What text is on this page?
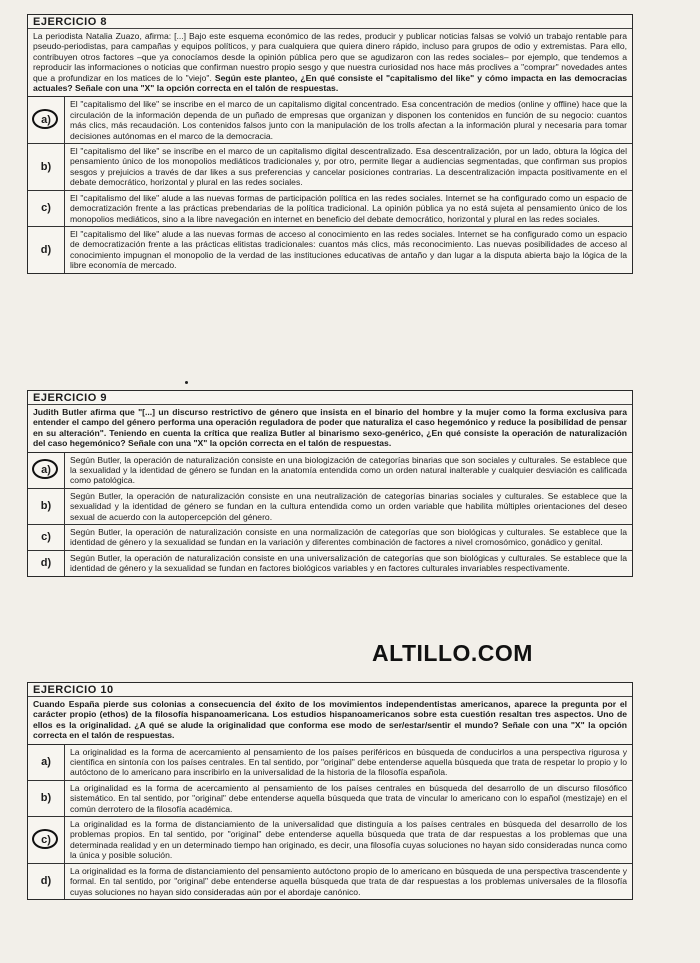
EJERCICIO 8
La periodista Natalia Zuazo, afirma: [...] Bajo este esquema económico de las redes, producir y publicar noticias falsas se volvió un trabajo rentable para pseudo-periodistas, para campañas y equipos políticos, y para cualquiera que quiera dinero rápido, incluso para grupos de odio y extremistas. Para ello, contribuyen otros factores –que ya conocíamos desde la opinión pública pero que se agudizaron con las redes sociales– por ejemplo, que tendemos a reproducir las informaciones o noticias que confirman nuestro propio sesgo y que nuestra curiosidad nos hace más proclives a "comprar" novedades antes que a profundizar en los matices de lo "viejo". Según este planteo, ¿En qué consiste el "capitalismo del like" y cómo impacta en las democracias actuales? Señale con una "X" la opción correcta en el talón de respuestas.
a)
El "capitalismo del like" se inscribe en el marco de un capitalismo digital concentrado. Esa concentración de medios (online y offline) hace que la circulación de la información dependa de un puñado de empresas que organizan y disponen los contenidos en función de su negocio: cuantos más clics, más recaudación. Los contenidos falsos junto con la manipulación de los trolls afectan a la información plural y necesaria para tomar decisiones autónomas en el marco de la democracia.
b)
El "capitalismo del like" se inscribe en el marco de un capitalismo digital descentralizado. Esa descentralización, por un lado, obtura la lógica del pensamiento único de los monopolios mediáticos tradicionales y, por otro, permite llegar a audiencias segmentadas, que confirman sus propios sesgos y prejuicios a través de dar likes a sus preferencias y cancelar posiciones contrarias. La descentralización impacta positivamente en el debate democrático, horizontal y plural en las redes sociales.
c)
El "capitalismo del like" alude a las nuevas formas de participación política en las redes sociales. Internet se ha configurado como un espacio de democratización frente a las prácticas prebendarias de la política tradicional. La opinión pública ya no está sujeta al pensamiento único de los monopolios mediáticos, sino a la libre navegación en internet en beneficio del debate democrático, horizontal y plural en las redes sociales.
d)
El "capitalismo del like" alude a las nuevas formas de acceso al conocimiento en las redes sociales. Internet se ha configurado como un espacio de democratización frente a las prácticas elitistas tradicionales: cuantos más clics, más reconocimiento. Las nuevas posibilidades de acceso al conocimiento impugnan el monopolio de la verdad de las instituciones educativas de antaño y dan lugar a la disputa abierta bajo la lógica de la libre economía de mercado.
EJERCICIO 9
Judith Butler afirma que "[...] un discurso restrictivo de género que insista en el binario del hombre y la mujer como la forma exclusiva para entender el campo del género performa una operación reguladora de poder que naturaliza el caso hegemónico y reduce la posibilidad de pensar en su alteración". Teniendo en cuenta la crítica que realiza Butler al binarismo sexo-genérico, ¿En qué consiste la operación de naturalización del caso hegemónico? Señale con una "X" la opción correcta en el talón de respuestas.
a)
Según Butler, la operación de naturalización consiste en una biologización de categorías binarias que son sociales y culturales. Se establece que la sexualidad y la identidad de género se fundan en la anatomía entendida como un orden natural inalterable y cualquier desviación es calificada como patológica.
b)
Según Butler, la operación de naturalización consiste en una neutralización de categorías binarias sociales y culturales. Se establece que la sexualidad y la identidad de género se fundan en la cultura entendida como un orden variable que habilita múltiples orientaciones del deseo sexual de acuerdo con la autopercepción del género.
c)	Según Butler, la operación de naturalización consiste en una normalización de categorías que son biológicas y culturales. Se establece que la identidad de género y la sexualidad se fundan en la variación y diferentes combinación de factores a nivel cromosómico, gonádico y genital.
d)	Según Butler, la operación de naturalización consiste en una universalización de categorías que son biológicas y culturales. Se establece que la identidad de género y la sexualidad se fundan en factores biológicos variables y en factores culturales invariables respectivamente.
ALTILLO.COM
EJERCICIO 10
Cuando España pierde sus colonias a consecuencia del éxito de los movimientos independentistas americanos, aparece la pregunta por el carácter propio (ethos) de la filosofía hispanoamericana. Los estudios hispanoamericanos sobre esta cuestión resaltan tres aspectos. Uno de ellos es la originalidad. ¿A qué se alude la originalidad que conforma ese modo de ser/estar/sentir el mundo? Señale con una "X" la opción correcta en el talón de respuestas.
a)
La originalidad es la forma de acercamiento al pensamiento de los países periféricos en búsqueda de conducirlos a una perspectiva rigurosa y científica en sintonía con los países centrales. En tal sentido, por "original" debe entenderse aquella búsqueda que trata de respetar lo propio y lo autóctono de lo americano para inscribirlo en la universalidad de la historia de la filosofía española.
b)
La originalidad es la forma de acercamiento al pensamiento de los países centrales en búsqueda del desarrollo de un discurso filosófico sistemático. En tal sentido, por "original" debe entenderse aquella búsqueda que trata de vincular lo americano con lo español (mestizaje) en el común derrotero de la filosofía académica.
c)
La originalidad es la forma de distanciamiento de la universalidad que distinguía a los países centrales en búsqueda del desarrollo de los problemas propios. En tal sentido, por "original" debe entenderse aquella búsqueda que trata de dar respuestas a los problemas que una determinada realidad y en un determinado tiempo han originado, es decir, una filosofía cuyas soluciones no hayan sido consideradas nunca como la única y posible solución.
d)
La originalidad es la forma de distanciamiento del pensamiento autóctono propio de lo americano en búsqueda de una perspectiva trascendente y formal. En tal sentido, por "original" debe entenderse aquella búsqueda que trata de dar respuestas a los problemas universales de la filosofía cuyas soluciones no hayan sido consideradas aún por el abordaje canónico.
